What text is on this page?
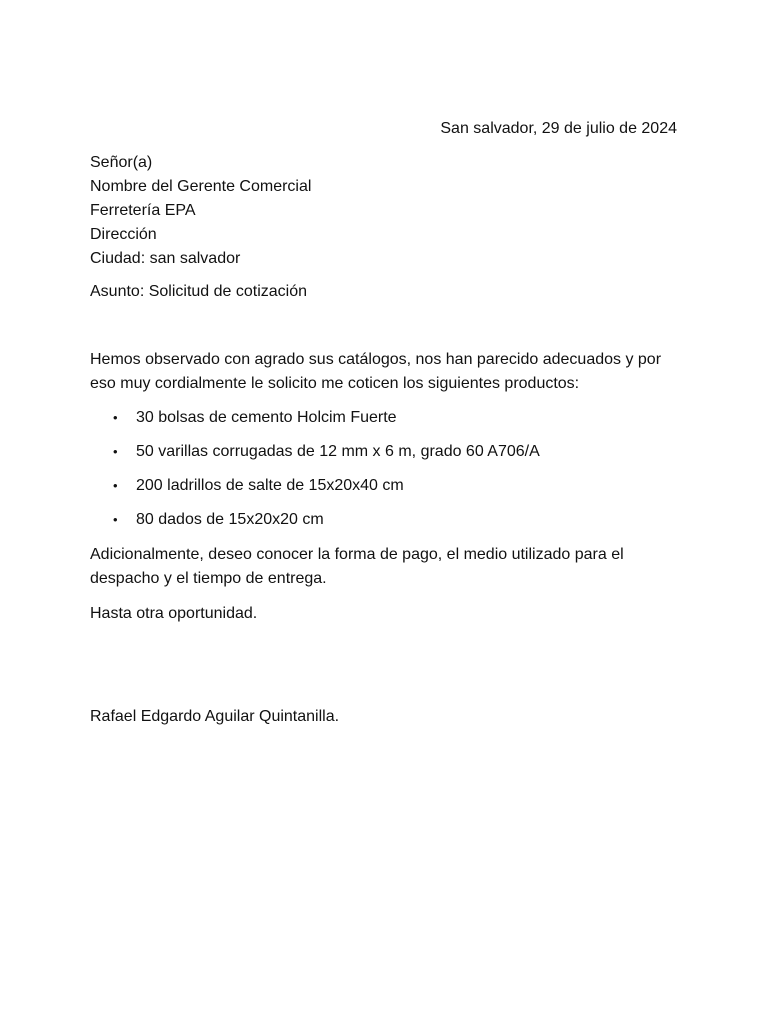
San salvador, 29 de julio de 2024
Señor(a)
Nombre del Gerente Comercial
Ferretería EPA
Dirección
Ciudad: san salvador
Asunto: Solicitud de cotización
Hemos observado con agrado sus catálogos, nos han parecido adecuados y por eso muy cordialmente le solicito me coticen los siguientes productos:
• 30 bolsas de cemento Holcim Fuerte
• 50 varillas corrugadas de 12 mm x 6 m, grado 60 A706/A
• 200 ladrillos de salte de 15x20x40 cm
• 80 dados de 15x20x20 cm
Adicionalmente, deseo conocer la forma de pago, el medio utilizado para el despacho y el tiempo de entrega.
Hasta otra oportunidad.
Rafael Edgardo Aguilar Quintanilla.
